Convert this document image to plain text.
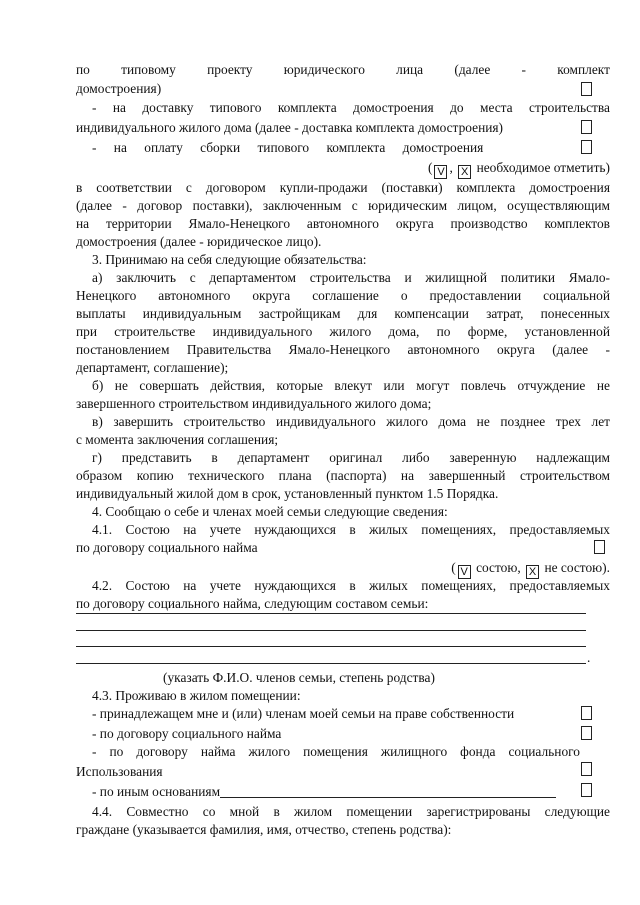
по типовому проекту юридического лица (далее - комплект
домостроения)
- на доставку типового комплекта домостроения до места строительства
индивидуального жилого дома (далее - доставка комплекта домостроения)
- на оплату сборки типового комплекта домостроения
( V , X необходимое отметить)
в соответствии с договором купли-продажи (поставки) комплекта домостроения
(далее - договор поставки), заключенным с юридическим лицом, осуществляющим
на территории Ямало-Ненецкого автономного округа производство комплектов
домостроения (далее - юридическое лицо).
3. Принимаю на себя следующие обязательства:
а) заключить с департаментом строительства и жилищной политики Ямало-
Ненецкого автономного округа соглашение о предоставлении социальной
выплаты индивидуальным застройщикам для компенсации затрат, понесенных
при строительстве индивидуального жилого дома, по форме, установленной
постановлением Правительства Ямало-Ненецкого автономного округа (далее -
департамент, соглашение);
б) не совершать действия, которые влекут или могут повлечь отчуждение не
завершенного строительством индивидуального жилого дома;
в) завершить строительство индивидуального жилого дома не позднее трех лет
с момента заключения соглашения;
г) представить в департамент оригинал либо заверенную надлежащим
образом копию технического плана (паспорта) на завершенный строительством
индивидуальный жилой дом в срок, установленный пунктом 1.5 Порядка.
4. Сообщаю о себе и членах моей семьи следующие сведения:
4.1. Состою на учете нуждающихся в жилых помещениях, предоставляемых
по договору социального найма
( V состою, X не состою).
4.2. Состою на учете нуждающихся в жилых помещениях, предоставляемых
по договору социального найма, следующим составом семьи:
.
(указать Ф.И.О. членов семьи, степень родства)
4.3. Проживаю в жилом помещении:
- принадлежащем мне и (или) членам моей семьи на праве собственности
- по договору социального найма
- по договору найма жилого помещения жилищного фонда социального
Использования
- по иным основаниям
4.4. Совместно со мной в жилом помещении зарегистрированы следующие
граждане (указывается фамилия, имя, отчество, степень родства):
